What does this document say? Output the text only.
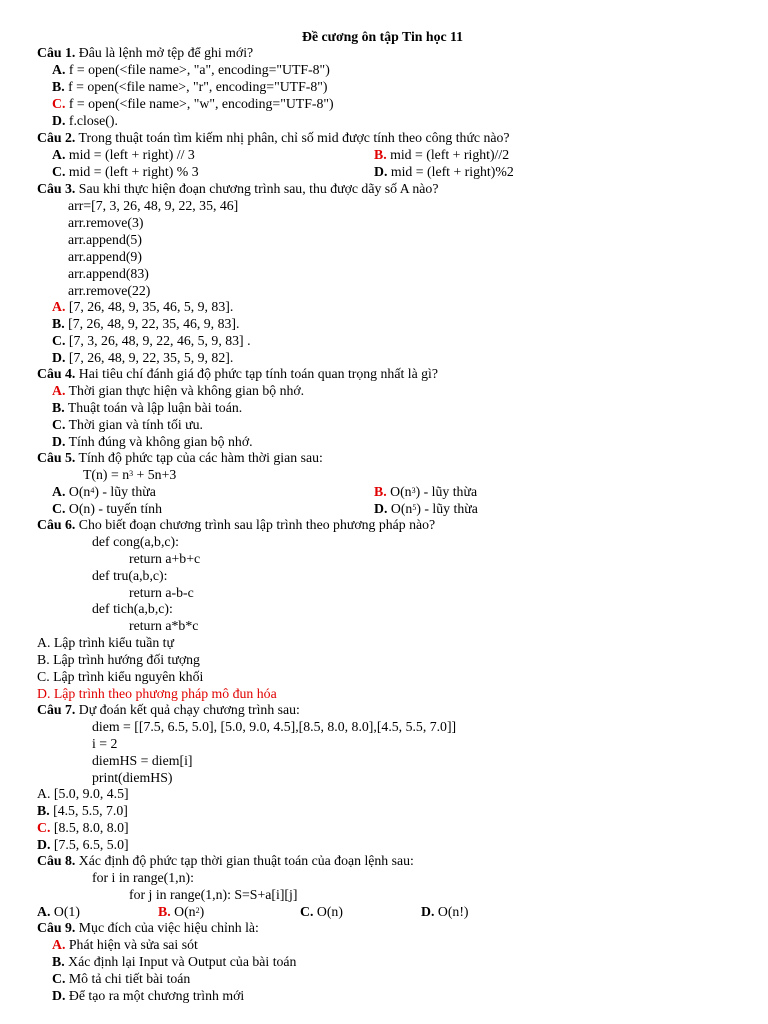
Đề cương ôn tập Tin học 11
Câu 1. Đâu là lệnh mở tệp để ghi mới?
A. f = open(<file name>, "a", encoding="UTF-8")
B. f = open(<file name>, "r", encoding="UTF-8")
C. f = open(<file name>, "w", encoding="UTF-8")
D. f.close().
Câu 2. Trong thuật toán tìm kiếm nhị phân, chỉ số mid được tính theo công thức nào?
A. mid = (left + right) // 3	B. mid = (left + right)//2
C. mid = (left + right) % 3	D. mid = (left + right)%2
Câu 3. Sau khi thực hiện đoạn chương trình sau, thu được dãy số A nào?
arr=[7, 3, 26, 48, 9, 22, 35, 46]
arr.remove(3)
arr.append(5)
arr.append(9)
arr.append(83)
arr.remove(22)
A. [7, 26, 48, 9, 35, 46, 5, 9, 83].
B. [7, 26, 48, 9, 22, 35, 46, 9, 83].
C. [7, 3, 26, 48, 9, 22, 46, 5, 9, 83] .
D. [7, 26, 48, 9, 22, 35, 5, 9, 82].
Câu 4. Hai tiêu chí đánh giá độ phức tạp tính toán quan trọng nhất là gì?
A. Thời gian thực hiện và không gian bộ nhớ.
B. Thuật toán và lập luận bài toán.
C. Thời gian và tính tối ưu.
D. Tính đúng và không gian bộ nhớ.
Câu 5. Tính độ phức tạp của các hàm thời gian sau:
$T(n) = n^3 + 5n+3$
A. $O(n^4)$ - lũy thừa	B. $O(n^3)$ - lũy thừa
C. O(n) - tuyến tính	D. $O(n^5)$ - lũy thừa
Câu 6. Cho biết đoạn chương trình sau lập trình theo phương pháp nào?
def cong(a,b,c):
return a+b+c
def tru(a,b,c):
return a-b-c
def tich(a,b,c):
return a*b*c
A. Lập trình kiểu tuần tự
B. Lập trình hướng đối tượng
C. Lập trình kiểu nguyên khối
D. Lập trình theo phương pháp mô đun hóa
Câu 7. Dự đoán kết quả chạy chương trình sau:
diem = [[7.5, 6.5, 5.0], [5.0, 9.0, 4.5],[8.5, 8.0, 8.0],[4.5, 5.5, 7.0]]
i = 2
diemHS = diem[i]
print(diemHS)
A. [5.0, 9.0, 4.5]
B. [4.5, 5.5, 7.0]
C. [8.5, 8.0, 8.0]
D. [7.5, 6.5, 5.0]
Câu 8. Xác định độ phức tạp thời gian thuật toán của đoạn lệnh sau:
for i in range(1,n):
for j in range(1,n): S=S+a[i][j]
A. O(1)	B. $O(n^2)$	C. O(n)	D. O(n!)
Câu 9. Mục đích của việc hiệu chỉnh là:
A. Phát hiện và sửa sai sót
B. Xác định lại Input và Output của bài toán
C. Mô tả chi tiết bài toán
D. Để tạo ra một chương trình mới
